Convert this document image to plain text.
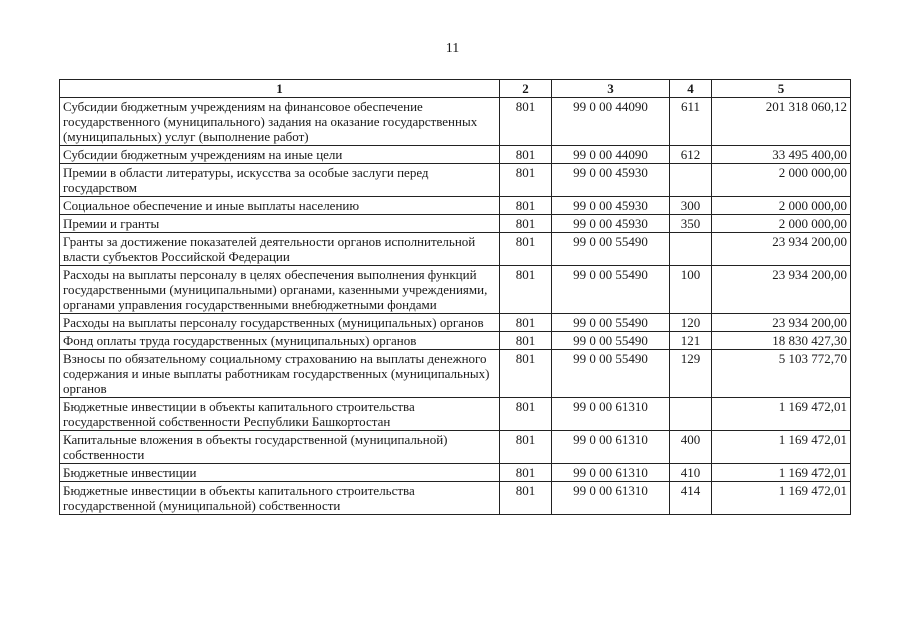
11
1	2	3	4	5
Субсидии бюджетным учреждениям на финансовое обеспечение государственного (муниципального) задания на оказание государственных (муниципальных) услуг (выполнение работ)	801	99 0 00 44090	611	201 318 060,12
Субсидии бюджетным учреждениям на иные цели	801	99 0 00 44090	612	33 495 400,00
Премии в области литературы, искусства за особые заслуги перед государством	801	99 0 00 45930		2 000 000,00
Социальное обеспечение и иные выплаты населению	801	99 0 00 45930	300	2 000 000,00
Премии и гранты	801	99 0 00 45930	350	2 000 000,00
Гранты за достижение показателей деятельности органов исполнительной власти субъектов Российской Федерации	801	99 0 00 55490		23 934 200,00
Расходы на выплаты персоналу в целях обеспечения выполнения функций государственными (муниципальными) органами, казенными учреждениями, органами управления государственными внебюджетными фондами	801	99 0 00 55490	100	23 934 200,00
Расходы на выплаты персоналу государственных (муниципальных) органов	801	99 0 00 55490	120	23 934 200,00
Фонд оплаты труда государственных (муниципальных) органов	801	99 0 00 55490	121	18 830 427,30
Взносы по обязательному социальному страхованию на выплаты денежного содержания и иные выплаты работникам государственных (муниципальных) органов	801	99 0 00 55490	129	5 103 772,70
Бюджетные инвестиции в объекты капитального строительства государственной собственности Республики Башкортостан	801	99 0 00 61310		1 169 472,01
Капитальные вложения в объекты государственной (муниципальной) собственности	801	99 0 00 61310	400	1 169 472,01
Бюджетные инвестиции	801	99 0 00 61310	410	1 169 472,01
Бюджетные инвестиции в объекты капитального строительства государственной (муниципальной) собственности	801	99 0 00 61310	414	1 169 472,01
